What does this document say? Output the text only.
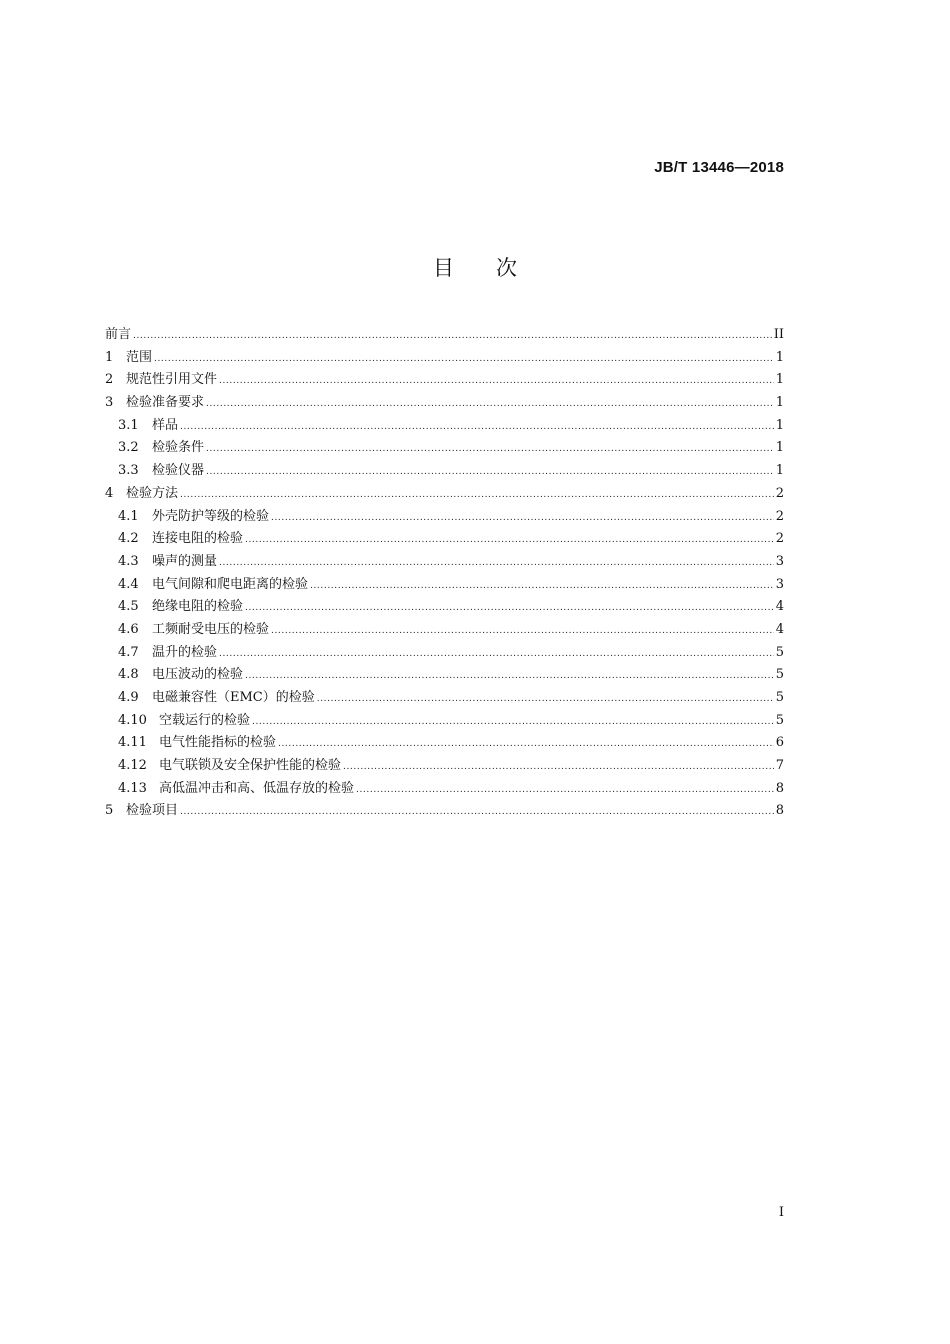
JB/T 13446—2018
目　　次
前言 .....	II
1 范围 .....	1
2 规范性引用文件 .....	1
3 检验准备要求 .....	1
3.1	样品 .....	1
3.2	检验条件 .....	1
3.3	检验仪器 .....	1
4 检验方法 .....	2
4.1	外壳防护等级的检验 .....	2
4.2	连接电阻的检验 .....	2
4.3	噪声的测量 .....	3
4.4	电气间隙和爬电距离的检验 .....	3
4.5	绝缘电阻的检验 .....	4
4.6	工频耐受电压的检验 .....	4
4.7	温升的检验 .....	5
4.8	电压波动的检验 .....	5
4.9	电磁兼容性（EMC）的检验 .....	5
4.10 空载运行的检验 .....	5
4.11 电气性能指标的检验 .....	6
4.12 电气联锁及安全保护性能的检验 .....	7
4.13 高低温冲击和高、低温存放的检验 .....	8
5 检验项目 .....	8
I
